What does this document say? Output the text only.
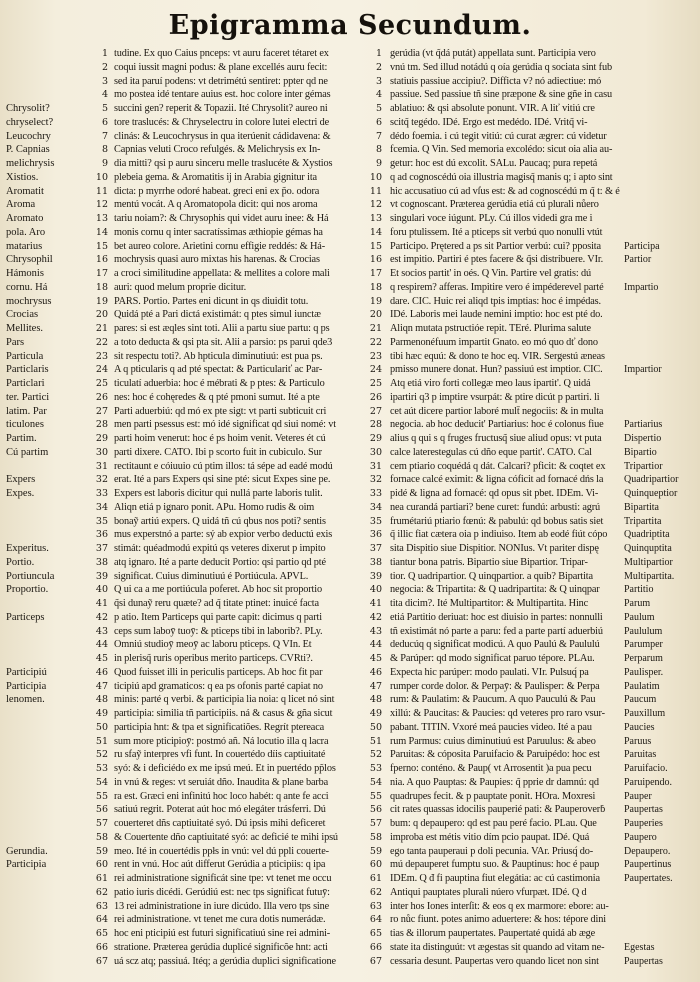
Epigramma Secundum.
Chrysolit?
chryselect?
Leucochry
P. Capnias
melichrysis
Xistios.
Aromatit
Aroma
Aromato
pola. Aro
matarius
Chrysophil
Hámonis
cornu. Há
mochrysus
Crocias
Mellites.
Pars
Particula
Particlaris
Particlari
ter. Partici
latim. Par
ticulones
Partim.
Cú partim
Expers
Expes.
Experitus.
Portio.
Portiuncula
Proportio.
Particeps
Participiú
Participia
lenomen.
Gerundia.
Participia
1 tudine. Ex quo Caius pnceps: vt auru faceret tétaret ex
2 coqui iussit magni podus: & plane excellés auru fecit:
3 sed ita paruí podens: vt detrimétú sentiret: ppter qd ne
4 mo postea idé tentare auius est. hoc colore inter gémas
5 succini gen? reperit & Topazii. Ité Chrysolit? aureo ni
6 tore traslucés: & Chryselectru in colore lutei electri de
7 clinás: & Leucochrysus in qua iterúenit cádidavena: &
8 Capnias veluti Croco refulgés. & Melichrysis ex In-
9 dia mitti? qsi p auru sinceru melle traslucéte & Xystios
10 plebeia gema. & Aromatitis ij in Arabia gignitur ita
11 dicta: p myrrhe odoré habeat. greci eni ex p̃o. odora
12 mentú vocát. A q Aromatopola dicit: qui nos aroma
13 tariu noiam?: & Chrysophis qui videt auru inee: & Há
14 monis cornu q inter sacratíssimas æthiopie gémas ha
15 bet aureo colore. Arietini cornu effigie reddés: & Há-
16 mochrysis quasi auro mixtas his harenas. & Crocias
17 a croci similitudine appellata: & mellites a colore mali
18 auri: quod melum proprie dicitur.
19 PARS. Portio. Partes eni dicunt in qs diuidit totu.
20 Quidá pté a Pari dictá existimát: q ptes simul iunctæ
21 pares: si est æqles sint toti. Alii a partu siue partu: q ps
22 a toto deducta & qsi pta sit. Alii a parsio: ps parui qde3
23 sit respectu toti?. Ab hpticula diminutiuú: est pua ps.
24 A q pticularis q ad pté spectat: & Particulariť ac Par-
25 ticulatí aduerbia: hoc é mébrati & p ptes: & Particulo
26 nes: hoc é cohęredes & q pté pmoni sumut. Ité a pte
27 Parti aduerbiú: qd mó ex pte sigt: vt parti subticuit cri
28 men parti psessus est: mó idé significat qd siui nomé: vt
29 parti hoim venerut: hoc é ps hoim venit. Veteres ét cú
30 parti dixere. CATO. Ibi p scorto fuit in cubiculo. Sur
31 rectitaunt e cóiuuio cú ptim illos: tá sépe ad eadé modú
32 erat. Ité a pars Expers qsi sine pté: sicut Expes sine pe.
33 Expers est laboris dicitur qui nullá parte laboris tulit.
34 Aliqn etiá p ignaro ponit. APu. Homo rudis & oim
35 bonaỹ artiú expers. Q uidá tñ cú qbus nos poti? sentis
36 mus experstnó a parte: sý ab expior verbo deductú exis
37 stimát: quéadmodú expitú qs veteres dixerut p impito
38 atq ignaro. Ité a parte deducit Portio: qsi partio qd pté
39 significat. Cuius diminutiuú é Portiúcula. APVL.
40 Q ui ca a me portiúcula poferet. Ab hoc sit proportio
41 q̃si dunaỹ reru quæte? ad q̃ titate ptinet: inuicé facta
42 p atio. Item Particeps qui parte capit: dicimus q parti
43 ceps sum laboȳ tuoȳ: & pticeps tibi in laborib?. PLy.
44 Omniú studioȳ meoȳ ac laboru pticeps. Q VIn. Et
45 in plerisq̃ ruris operibus merito particeps. CVRti?.
46 Quod fuisset illi in periculis particeps. Ab hoc fit par
47 ticipiú apd gramaticos: q ea ps ofonis parté capiat no
48 minis: parté q verbi. & participia lia noia: q licet nó sint
49 participia: similia tñ participiis. ná & casus & gña sicut
50 participia hnt: & tpa et significatiões. Regrít ptereaca
51 sum more pticipioȳ: postmó añ. Ná locutio illa q lacra
52 ru sfaỹ interpres vfi funt. In couertédo díis captiuitaté
53 syó: & i deficiédo ex me ipsú meú. Et in puertédo pp̃los
54 in vnú & reges: vt seruiát dño. Inaudita & plane barba
55 ra est. Græci eni infinitú hoc loco habét: q ante fe acci
56 satiuú regrit. Poterat aút hoc mó elegáter trásferri. Dú
57 couerteret dñs captiuitaté syó. Dú ipsis mihi deficeret
58 & Couertente dño captiuitaté syó: ac deficié te mihi ipsú
59 meo. Ité in couertédis ppłs in vnú: vel dú ppli couerte-
60 rent in vnú. Hoc aút differut Gerúdia a pticipiis: q ipa
61 rei administratione significát sine tpe: vt tenet me occu
62 patio iuris dicédi. Gerúdiú est: nec tps significat futuȳ:
63 13 rei administratione in iure dicúdo. Illa vero tps sine
64 rei administratione. vt tenet me cura dotis numerádæ.
65 hoc eni pticipiú est futuri significatiuú sine rei admini-
66 stratione. Præterea gerúdia duplicé significõe hnt: acti
67 uá scz atq; passiuá. Itéq; a gerúdia duplici significatione
1 gerúdia (vt q̃dá putát) appellata sunt. Participia vero
2 vnú tm. Sed illud notádú q oía gerúdia q sociata sint fub
3 statiuis passiue accipiu?. Difficta v? nó adiectiue: mó
4 passiue. Sed passiue tñ sine præpone & sine gñe in casu
5 ablatiuo: & qsi absolute ponunt. VIR. A liť vitiú cre
6 scitq̃ tegédo. IDé. Ergo est medédo. IDé. Vritq̃ vi-
7 dédo foemia. i cú tegit vitiú: cú curat ægrer: cú videtur
8 fcemia. Q Vin. Sed memoria excolédo: sicut oia alia au-
9 getur: hoc est dú excolit. SALu. Paucaq; pura repetá
10 q ad cognoscédú oia illustria magisq̃ manis q; i apto sint
11 hic accusatiuo cú ad vſus est: & ad cognoscédú m q̃ t: & é
12 vt cognoscant. Præterea gerúdia etiá cú plurali nůero
13 singulari voce iúgunt. PLy. Cú illos videdi gra me i
14 foru ptulissem. Ité a pticeps sit verbú quo nonulli vtút
15 Participo. Prętered a ps sit Partior verbú: cui? pposita
16 est impitio. Partiri é ptes facere & q̃si distribuere. VIr.
17 Et socios partit' in oés. Q Vin. Partire vel gratis: dú
18 q respirem? afferas. Impitire vero é impéderevel parté
19 dare. CIC. Huic rei aliqd tpis imptias: hoc é impédas.
20 IDé. Laboris mei laude nemini imptio: hoc est pté do.
21 Aliqn mutata pstructióe repit. TEré. Plurima salute
22 Parmenonéfuum impartit Gnato. eo mó quo dť dono
23 tibi hæc equú: & dono te hoc eq. VIR. Sergestú æneas
24 pmisso munere donat. Hun? passiuú est imptior. CIC.
25 Atq etiá viro forti collegæ meo laus ipartit'. Q uidá
26 ipartiri q3 p imptire vsurpát: & ptire dicút p partiri. li
27 cet aút dicere partior laboré mult̄ negociis: & in multa
28 negocia. ab hoc deducit' Partiarius: hoc é colonus fiue
29 alius q qui s q fruges fructusq̃ siue aliud opus: vt puta
30 calce laterestegulas cú dño eque partit'. CATO. Cal
31 cem ptiario coquédá q dát. Calcari? pficit: & coqtet ex
32 fornace calcé eximit: & ligna cóficit ad fornacé dńs la
33 pidé & ligna ad fornacé: qd opus sit pbet. IDEm. Vi-
34 nea curandá partiari? bene curet: fundú: arbusti: agrú
35 frumétariú ptiario fœnú: & pabulú: qd bobus satis siet
36 q̃ illic fiat cætera oia p indiuiso. Item ab eodé fiút cópo
37 sita Dispitio siue Dispitior. NONIus. Vt pariter dispę
38 tiantur bona patris. Bipartio siue Bipartior. Tripar-
39 tior. Q uadripartior. Q uinqpartior. a quib? Bipartita
40 negocia: & Tripartita: & Q uadripartita: & Q uinqpar
41 tita dicim?. Ité Multipartitor: & Multipartita. Hinc
42 etiá Partitio deriuat: hoc est diuisio in partes: nonnulli
43 tñ existimát nó parte a paru: fed a parte partí aduerbiú
44 deducúq q significat modicú. A quo Paulú & Paululú
45 & Parúper: qd modo significat paruo tépore. PLAu.
46 Expecta hic parúper: modo paulati. VIr. Pulsuq́ pa
47 rumper corde dolor. & Perpaȳ: & Paulisper: & Perpa
48 rum: & Paulatim: & Paucum. A quo Pauculú & Pau
49 xillú: & Paucitas: & Paucies: qd veteres pro raro vsur-
50 pabant. TITIN. Vxoré meá paucies video. Ité a pau
51 rum Parmus: cuius diminutiuú est Paruulus: & abeo
52 Paruitas: & cóposita Paruifacio & Paruipédo: hoc est
53 fperno: conténo. & Paup( vt Arrosentit )a pua pecu
54 nia. A quo Pauptas: & Paupies: q̃ pprie dr damnú: qd
55 quadrupes fecit. & p pauptate ponit. HOra. Moxresi
56 cit rates quassas idocilis pauperié pati: & Pauperoverḃ
57 bum: q depaupero: qd est pau peré facio. PLau. Que
58 improba est métis vitio dím pcio paupat. IDé. Quá
59 ego tanta pauperaui p doli pecunia. VAr. Priusq́ do-
60 mú depauperet fumptu suo. & Pauptinus: hoc é paup
61 IDEm. Q đ fi pauptina fiut elegátia: ac cú castimonia
62 Antiqui pauptates plurali núero vfurpæt. IDé. Q d
63 inter hos Iones interſit: & eos q ex marmore: ebore: au-
64 ro nůc fiunt. potes animo aduertere: & hos: tépore dini
65 tias & illorum paupertates. Paupertaté quidá ab æge
66 state ita distinguút: vt ægestas sit quando ad vitam ne-
67 cessaria desunt. Paupertas vero quando licet non sint
Participa
Partior
Impartio
Impartior
Partiarius
Dispertio
Bipartio
Tripartior
Quadripartior
Quinqueptior
Bipartita
Tripartita
Quadriptita
Quinquptita
Multipartior
Multipartita.
Partitio
Parum
Paulum
Paululum
Parumper
Perparum
Paulisper.
Paulatim
Paucum
Pauxillum
Paucies
Paruus
Paruitas
Paruifacio.
Paruipendo.
Pauper
Paupertas
Pauperies
Paupero
Depaupero.
Paupertinus
Paupertates.
Egestas
Paupertas
